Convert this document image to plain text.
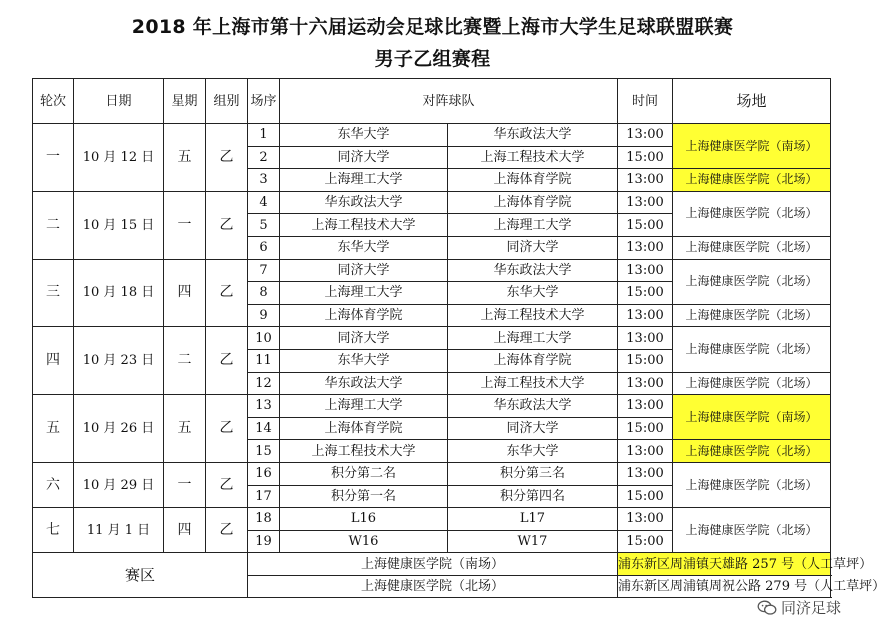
2018 年上海市第十六届运动会足球比赛暨上海市大学生足球联盟联赛
男子乙组赛程
轮次	日期	星期	组别	场序	对阵球队		时间	场地
一	10 月 12 日	五	乙	1	东华大学	华东政法大学	13:00	上海健康医学院（南场）
				2	同济大学	上海工程技术大学	15:00	
				3	上海理工大学	上海体育学院	13:00	上海健康医学院（北场）
二	10 月 15 日	一	乙	4	华东政法大学	上海体育学院	13:00	上海健康医学院（北场）
				5	上海工程技术大学	上海理工大学	15:00	
				6	东华大学	同济大学	13:00	上海健康医学院（北场）
三	10 月 18 日	四	乙	7	同济大学	华东政法大学	13:00	上海健康医学院（北场）
				8	上海理工大学	东华大学	15:00	
				9	上海体育学院	上海工程技术大学	13:00	上海健康医学院（北场）
四	10 月 23 日	二	乙	10	同济大学	上海理工大学	13:00	上海健康医学院（北场）
				11	东华大学	上海体育学院	15:00	
				12	华东政法大学	上海工程技术大学	13:00	上海健康医学院（北场）
五	10 月 26 日	五	乙	13	上海理工大学	华东政法大学	13:00	上海健康医学院（南场）
				14	上海体育学院	同济大学	15:00	
				15	上海工程技术大学	东华大学	13:00	上海健康医学院（北场）
六	10 月 29 日	一	乙	16	积分第二名	积分第三名	13:00	上海健康医学院（北场）
				17	积分第一名	积分第四名	15:00	
七	11 月 1 日	四	乙	18	L16	L17	13:00	上海健康医学院（北场）
				19	W16	W17	15:00	
赛区				上海健康医学院（南场）			浦东新区周浦镇天雄路 257 号（人工草坪）	
				上海健康医学院（北场）			浦东新区周浦镇周祝公路 279 号（人工草坪）	
同济足球
